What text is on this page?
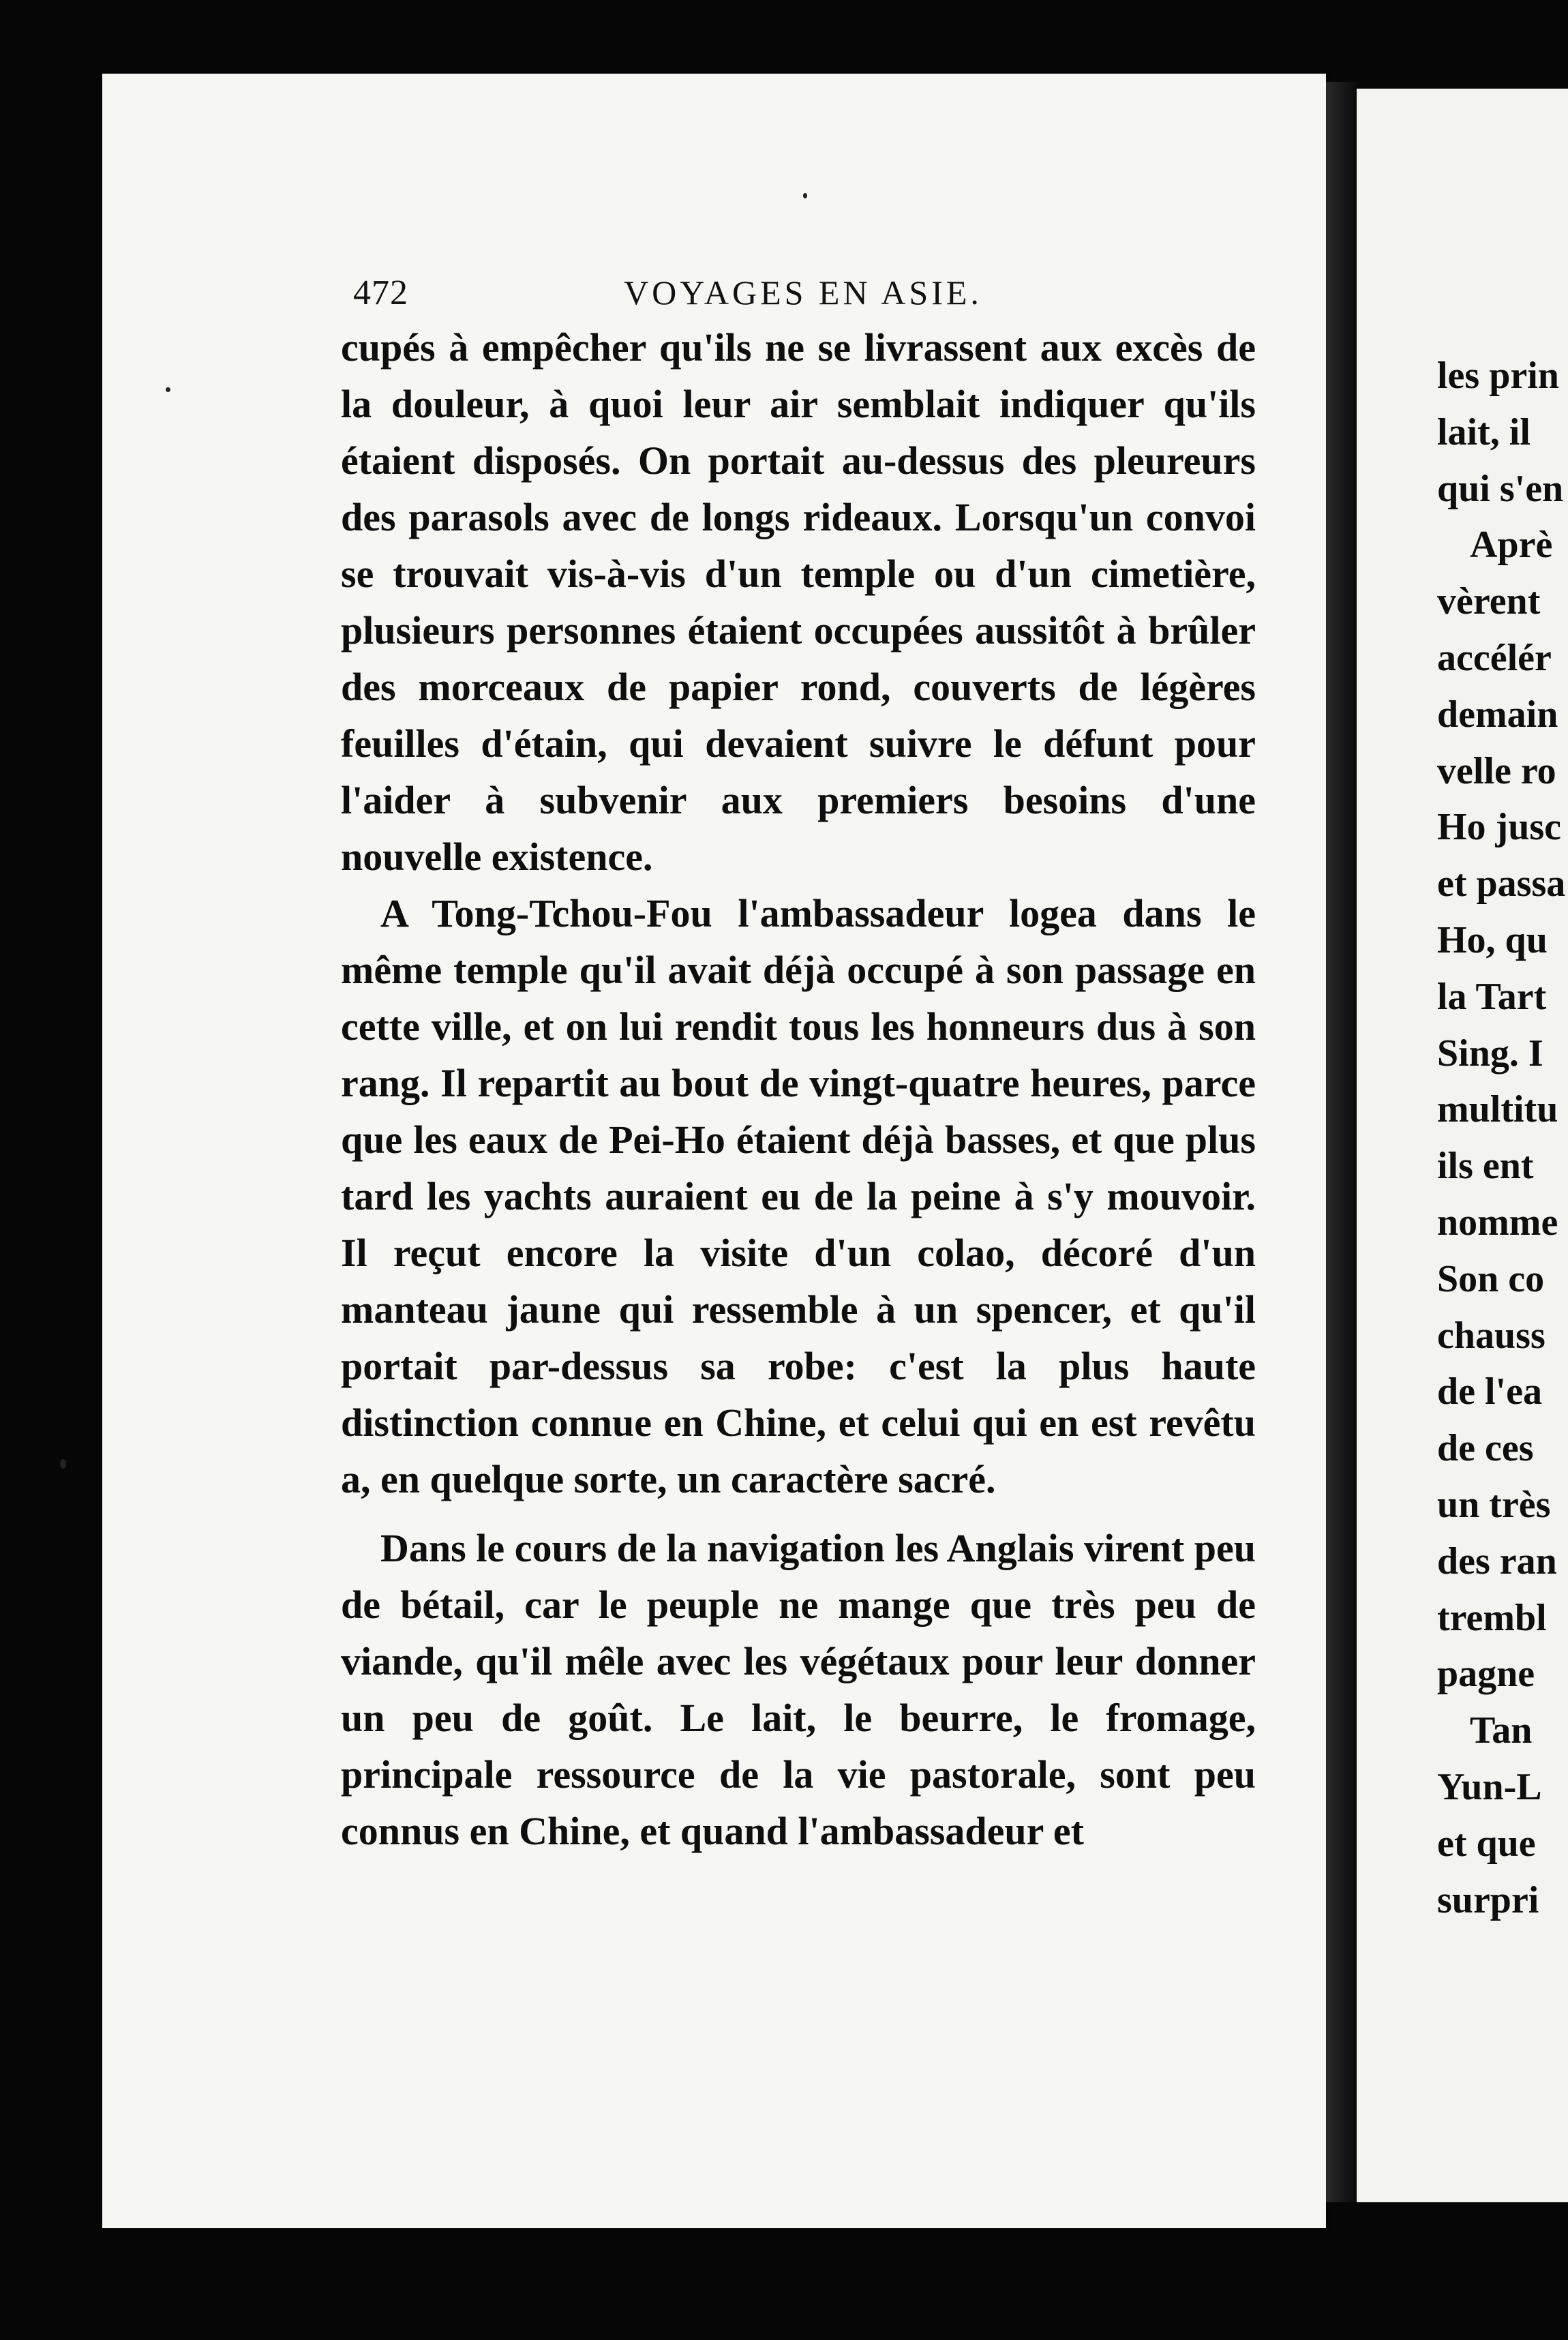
472	VOYAGES EN ASIE.

cupés à empêcher qu'ils ne se livrassent aux excès de la douleur, à quoi leur air semblait indiquer qu'ils étaient disposés. On portait au-dessus des pleureurs des parasols avec de longs rideaux. Lorsqu'un convoi se trouvait vis-à-vis d'un temple ou d'un cimetière, plusieurs personnes étaient occupées aussitôt à brûler des morceaux de papier rond, couverts de légères feuilles d'étain, qui devaient suivre le défunt pour l'aider à subvenir aux premiers besoins d'une nouvelle existence.

A Tong-Tchou-Fou l'ambassadeur logea dans le même temple qu'il avait déjà occupé à son passage en cette ville, et on lui rendit tous les honneurs dus à son rang. Il repartit au bout de vingt-quatre heures, parce que les eaux de Pei-Ho étaient déjà basses, et que plus tard les yachts auraient eu de la peine à s'y mouvoir. Il reçut encore la visite d'un colao, décoré d'un manteau jaune qui ressemble à un spencer, et qu'il portait par-dessus sa robe: c'est la plus haute distinction connue en Chine, et celui qui en est revêtu a, en quelque sorte, un caractère sacré.

Dans le cours de la navigation les Anglais virent peu de bétail, car le peuple ne mange que très peu de viande, qu'il mêle avec les végétaux pour leur donner un peu de goût. Le lait, le beurre, le fromage, principale ressource de la vie pastorale, sont peu connus en Chine, et quand l'ambassadeur et

les prin
lait, il
qui s'en
Aprè
vèrent
accélér
demain
velle ro
Ho jusc
et passa
Ho, qu
la Tart
Sing. I
multitu
ils ent
nomme
Son co
chauss
de l'ea
de ces
un très
des ran
trembl
pagne
Tan
Yun-L
et que
surpri
